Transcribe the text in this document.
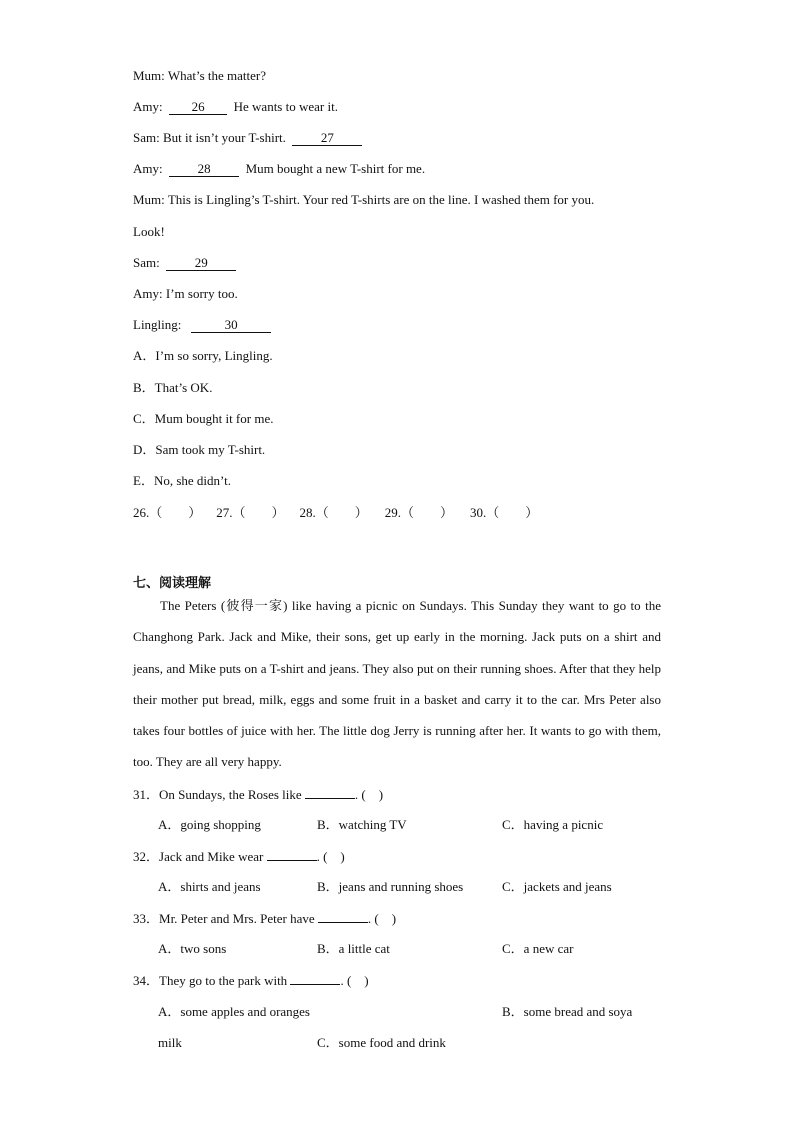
Mum: What’s the matter?
Amy: 26 He wants to wear it.
Sam: But it isn’t your T-shirt.	27
Amy:	28	Mum bought a new T-shirt for me.
Mum: This is Lingling’s T-shirt. Your red T-shirts are on the line. I washed them for you.
Look!
Sam:	29
Amy: I’m sorry too.
Lingling:	30
A．I’m so sorry, Lingling.
B．That’s OK.
C．Mum bought it for me.
D．Sam took my T-shirt.
E．No, she didn’t.
26.（　　） 27.（　　） 28.（　　） 29.（　　） 30.（　　）
七、阅读理解
The Peters (彼得一家) like having a picnic on Sundays. This Sunday they want to go to the Changhong Park. Jack and Mike, their sons, get up early in the morning. Jack puts on a shirt and jeans, and Mike puts on a T-shirt and jeans. They also put on their running shoes. After that they help their mother put bread, milk, eggs and some fruit in a basket and carry it to the car. Mrs Peter also takes four bottles of juice with her. The little dog Jerry is running after her. It wants to go with them, too. They are all very happy.
31．On Sundays, the Roses like	. (　)
A．going shopping	B．watching TV	C．having a picnic
32．Jack and Mike wear	. (　)
A．shirts and jeans	B．jeans and running shoes	C．jackets and jeans
33．Mr. Peter and Mrs. Peter have	. (　)
A．two sons	B．a little cat	C．a new car
34．They go to the park with	. (　)
A．some apples and oranges	B．some bread and soya
milk	C．some food and drink
